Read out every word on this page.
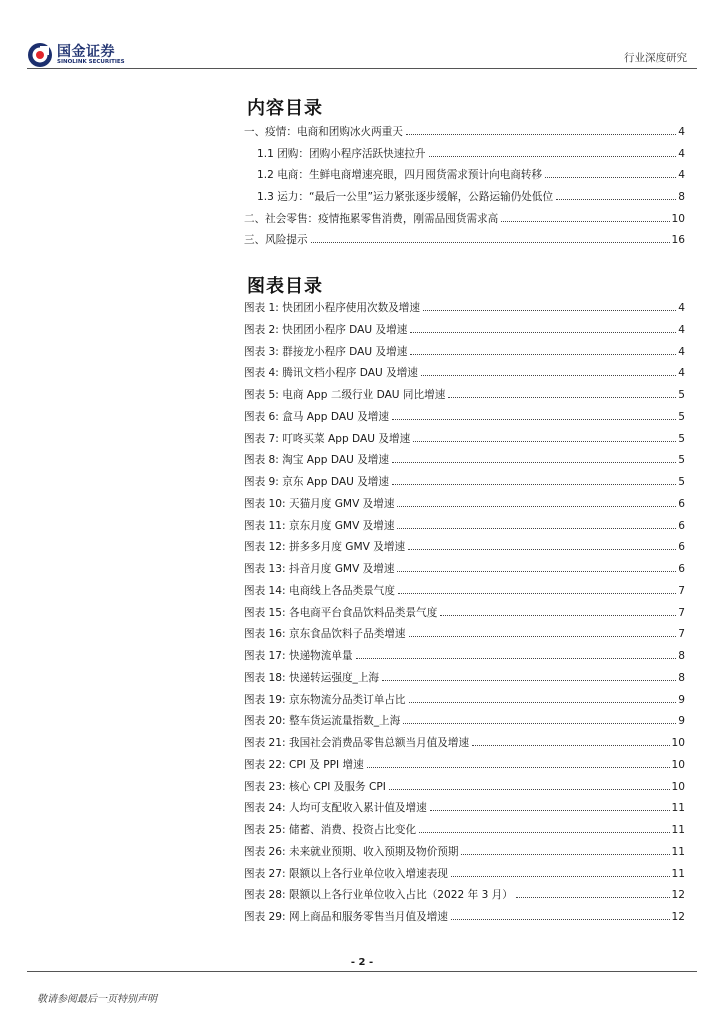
国金证券
SINOLINK SECURITIES	行业深度研究
内容目录
一、疫情：电商和团购冰火两重天	4
1.1 团购：团购小程序活跃快速拉升	4
1.2 电商：生鲜电商增速亮眼，四月囤货需求预计向电商转移	4
1.3 运力：“最后一公里”运力紧张逐步缓解，公路运输仍处低位	8
二、社会零售：疫情拖累零售消费，刚需品囤货需求高	10
三、风险提示	16
图表目录
图表 1: 快团团小程序使用次数及增速	4
图表 2: 快团团小程序 DAU 及增速	4
图表 3: 群接龙小程序 DAU 及增速	4
图表 4: 腾讯文档小程序 DAU 及增速	4
图表 5: 电商 App 二级行业 DAU 同比增速	5
图表 6: 盒马 App DAU 及增速	5
图表 7: 叮咚买菜 App DAU 及增速	5
图表 8: 淘宝 App DAU 及增速	5
图表 9: 京东 App DAU 及增速	5
图表 10: 天猫月度 GMV 及增速	6
图表 11: 京东月度 GMV 及增速	6
图表 12: 拼多多月度 GMV 及增速	6
图表 13: 抖音月度 GMV 及增速	6
图表 14: 电商线上各品类景气度	7
图表 15: 各电商平台食品饮料品类景气度	7
图表 16: 京东食品饮料子品类增速	7
图表 17: 快递物流单量	8
图表 18: 快递转运强度_上海	8
图表 19: 京东物流分品类订单占比	9
图表 20: 整车货运流量指数_上海	9
图表 21: 我国社会消费品零售总额当月值及增速	10
图表 22: CPI 及 PPI 增速	10
图表 23: 核心 CPI 及服务 CPI	10
图表 24: 人均可支配收入累计值及增速	11
图表 25: 储蓄、消费、投资占比变化	11
图表 26: 未来就业预期、收入预期及物价预期	11
图表 27: 限额以上各行业单位收入增速表现	11
图表 28: 限额以上各行业单位收入占比（2022 年 3 月）	12
图表 29: 网上商品和服务零售当月值及增速	12
- 2 -
敬请参阅最后一页特别声明
